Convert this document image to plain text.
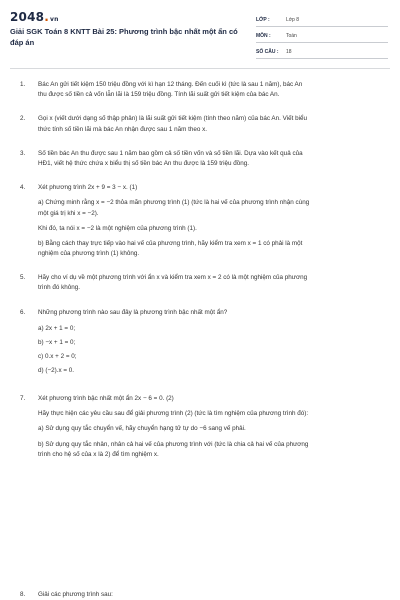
2048.vn
Giải SGK Toán 8 KNTT Bài 25: Phương trình bậc nhất một ẩn có đáp án
LỚP :	Lớp 8
MÔN :	Toán
SỐ CÂU :	18
1.	Bác An gửi tiết kiệm 150 triệu đồng với kì hạn 12 tháng. Đến cuối kì (tức là sau 1 năm), bác An
thu được số tiền cả vốn lẫn lãi là 159 triệu đồng. Tính lãi suất gửi tiết kiệm của bác An.
2.	Gọi x (viết dưới dạng số thập phân) là lãi suất gửi tiết kiệm (tính theo năm) của bác An. Viết biểu
thức tính số tiền lãi mà bác An nhận được sau 1 năm theo x.
3.	Số tiền bác An thu được sau 1 năm bao gồm cả số tiền vốn và số tiền lãi. Dựa vào kết quả của
HĐ1, viết hệ thức chứa x biểu thị số tiền bác An thu được là 159 triệu đồng.
4.	Xét phương trình 2x + 9 = 3 − x. (1)
a) Chứng minh rằng x = −2 thỏa mãn phương trình (1) (tức là hai vế của phương trình nhận cùng
một giá trị khi x = −2).
Khi đó, ta nói x = −2 là một nghiệm của phương trình (1).
b) Bằng cách thay trực tiếp vào hai vế của phương trình, hãy kiểm tra xem x = 1 có phải là một
nghiệm của phương trình (1) không.
5.	Hãy cho ví dụ về một phương trình với ẩn x và kiểm tra xem x = 2 có là một nghiệm của phương
trình đó không.
6.	Những phương trình nào sau đây là phương trình bậc nhất một ẩn?
a) 2x + 1 = 0;
b) −x + 1 = 0;
c) 0.x + 2 = 0;
d) (−2).x = 0.
7.	Xét phương trình bậc nhất một ẩn 2x − 6 = 0. (2)
Hãy thực hiện các yêu cầu sau để giải phương trình (2) (tức là tìm nghiệm của phương trình đó):
a) Sử dụng quy tắc chuyển vế, hãy chuyển hạng tử tự do −6 sang vế phải.
b) Sử dụng quy tắc nhân, nhân cả hai vế của phương trình với (tức là chia cả hai vế của phương
trình cho hệ số của x là 2) để tìm nghiệm x.
8.	Giải các phương trình sau:
